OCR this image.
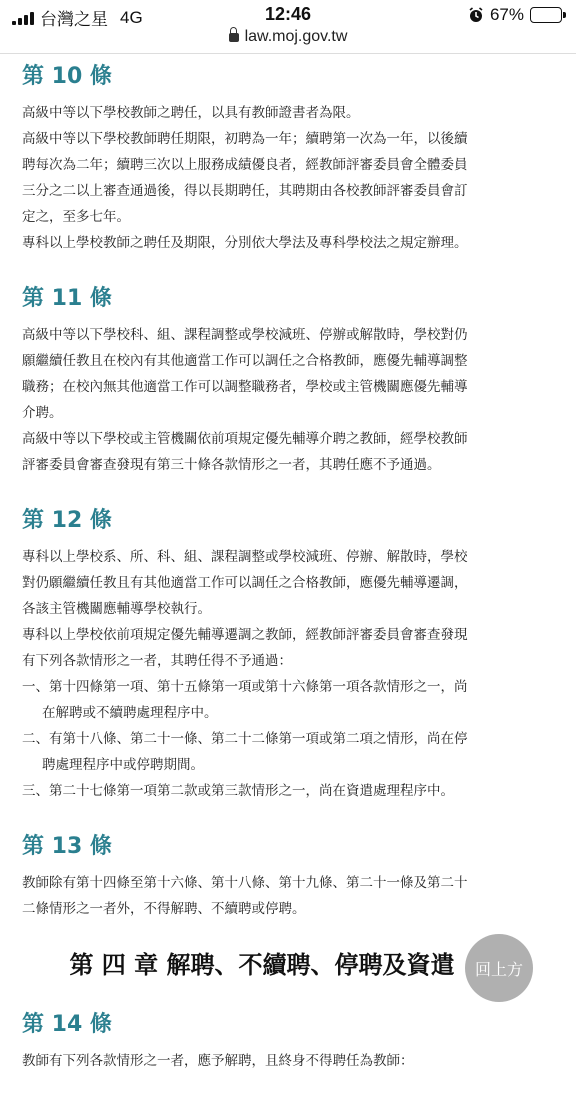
台灣之星 4G	12:46	67%
law.moj.gov.tw
第 10 條

高級中等以下學校教師之聘任，以具有教師證書者為限。

高級中等以下學校教師聘任期限，初聘為一年；續聘第一次為一年，以後續聘每次為二年；續聘三次以上服務成績優良者，經教師評審委員會全體委員三分之二以上審查通過後，得以長期聘任，其聘期由各校教師評審委員會訂定之，至多七年。

專科以上學校教師之聘任及期限，分別依大學法及專科學校法之規定辦理。

第 11 條

高級中等以下學校科、組、課程調整或學校減班、停辦或解散時，學校對仍願繼續任教且在校內有其他適當工作可以調任之合格教師，應優先輔導調整職務；在校內無其他適當工作可以調整職務者，學校或主管機關應優先輔導介聘。

高級中等以下學校或主管機關依前項規定優先輔導介聘之教師，經學校教師評審委員會審查發現有第三十條各款情形之一者，其聘任應不予通過。

第 12 條

專科以上學校系、所、科、組、課程調整或學校減班、停辦、解散時，學校對仍願繼續任教且有其他適當工作可以調任之合格教師，應優先輔導遷調，各該主管機關應輔導學校執行。

專科以上學校依前項規定優先輔導遷調之教師，經教師評審委員會審查發現有下列各款情形之一者，其聘任得不予通過：

一、第十四條第一項、第十五條第一項或第十六條第一項各款情形之一，尚在解聘或不續聘處理程序中。

二、有第十八條、第二十一條、第二十二條第一項或第二項之情形，尚在停聘處理程序中或停聘期間。

三、第二十七條第一項第二款或第三款情形之一，尚在資遣處理程序中。

第 13 條

教師除有第十四條至第十六條、第十八條、第十九條、第二十一條及第二十二條情形之一者外，不得解聘、不續聘或停聘。

第 四 章 解聘、不續聘、停聘及資遣
第 14 條

教師有下列各款情形之一者，應予解聘，且終身不得聘任為教師：

回上方
